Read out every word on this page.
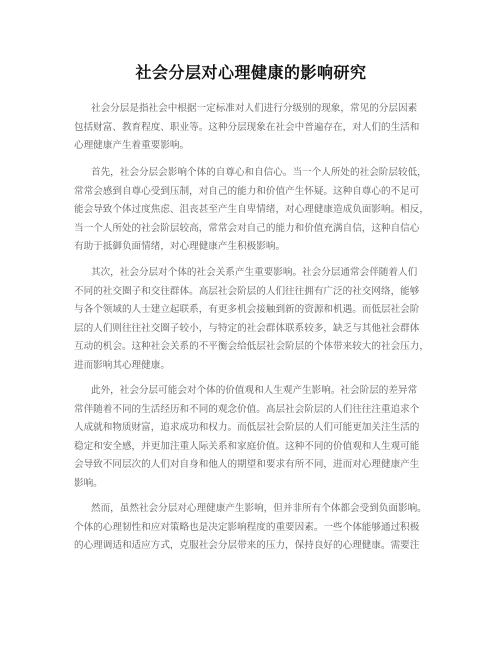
社会分层对心理健康的影响研究
社会分层是指社会中根据一定标准对人们进行分级别的现象，常见的分层因素
包括财富、教育程度、职业等。这种分层现象在社会中普遍存在，对人们的生活和
心理健康产生着重要影响。
首先，社会分层会影响个体的自尊心和自信心。当一个人所处的社会阶层较低，
常常会感到自尊心受到压制，对自己的能力和价值产生怀疑。这种自尊心的不足可
能会导致个体过度焦虑、沮丧甚至产生自卑情绪，对心理健康造成负面影响。相反，
当一个人所处的社会阶层较高，常常会对自己的能力和价值充满自信，这种自信心
有助于抵御负面情绪，对心理健康产生积极影响。
其次，社会分层对个体的社会关系产生重要影响。社会分层通常会伴随着人们
不同的社交圈子和交往群体。高层社会阶层的人们往往拥有广泛的社交网络，能够
与各个领域的人士建立起联系，有更多机会接触到新的资源和机遇。而低层社会阶
层的人们则往往社交圈子较小，与特定的社会群体联系较多，缺乏与其他社会群体
互动的机会。这种社会关系的不平衡会给低层社会阶层的个体带来较大的社会压力，
进而影响其心理健康。
此外，社会分层可能会对个体的价值观和人生观产生影响。社会阶层的差异常
常伴随着不同的生活经历和不同的观念价值。高层社会阶层的人们往往注重追求个
人成就和物质财富，追求成功和权力。而低层社会阶层的人们可能更加关注生活的
稳定和安全感，并更加注重人际关系和家庭价值。这种不同的价值观和人生观可能
会导致不同层次的人们对自身和他人的期望和要求有所不同，进而对心理健康产生
影响。
然而，虽然社会分层对心理健康产生影响，但并非所有个体都会受到负面影响。
个体的心理韧性和应对策略也是决定影响程度的重要因素。一些个体能够通过积极
的心理调适和适应方式，克服社会分层带来的压力，保持良好的心理健康。需要注
